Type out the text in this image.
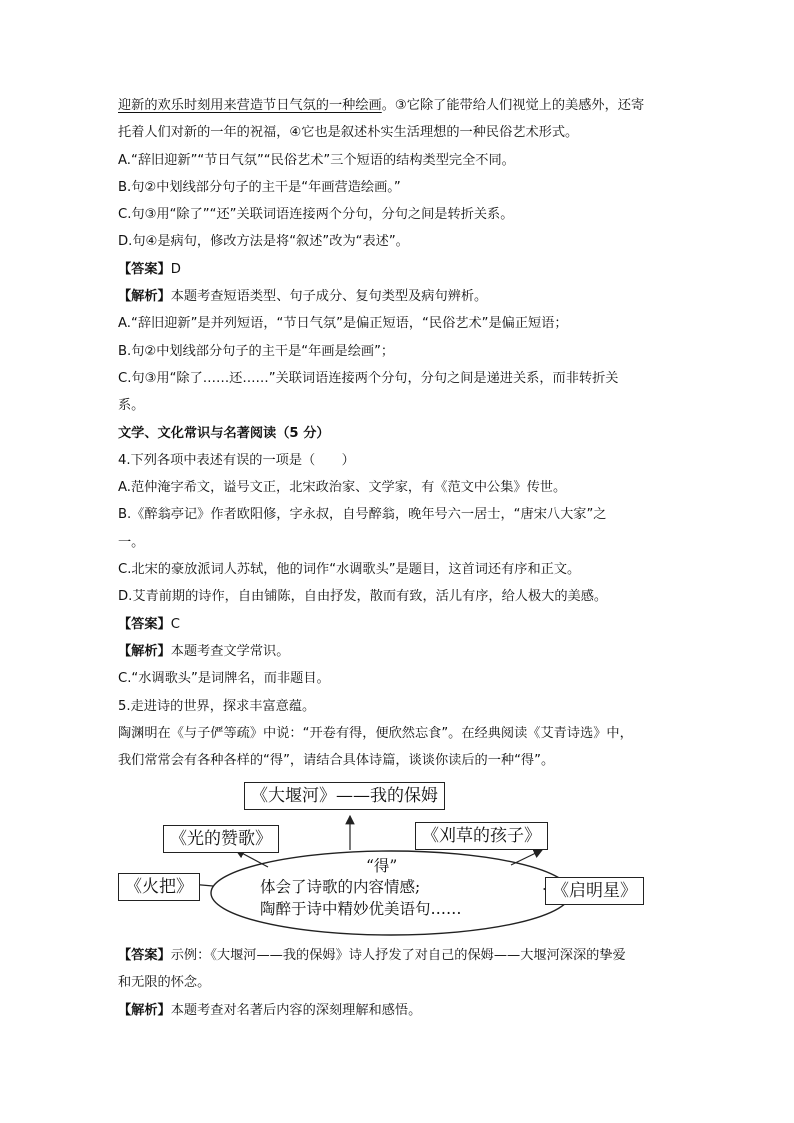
迎新的欢乐时刻用来营造节日气氛的一种绘画。③它除了能带给人们视觉上的美感外，还寄
托着人们对新的一年的祝福，④它也是叙述朴实生活理想的一种民俗艺术形式。
A.“辞旧迎新”“节日气氛”“民俗艺术”三个短语的结构类型完全不同。
B.句②中划线部分句子的主干是“年画营造绘画。”
C.句③用“除了”“还”关联词语连接两个分句，分句之间是转折关系。
D.句④是病句，修改方法是将“叙述”改为“表述”。
【答案】D
【解析】本题考查短语类型、句子成分、复句类型及病句辨析。
A.“辞旧迎新”是并列短语，“节日气氛”是偏正短语，“民俗艺术”是偏正短语；
B.句②中划线部分句子的主干是“年画是绘画”；
C.句③用“除了……还……”关联词语连接两个分句，分句之间是递进关系，而非转折关
系。
文学、文化常识与名著阅读（5 分）
4.下列各项中表述有误的一项是（　　）
A.范仲淹字希文，谥号文正，北宋政治家、文学家，有《范文中公集》传世。
B.《醉翁亭记》作者欧阳修，字永叔，自号醉翁，晚年号六一居士，“唐宋八大家”之
一。
C.北宋的豪放派词人苏轼，他的词作“水调歌头”是题目，这首词还有序和正文。
D.艾青前期的诗作，自由铺陈，自由抒发，散而有致，活儿有序，给人极大的美感。
【答案】C
【解析】本题考查文学常识。
C.“水调歌头”是词牌名，而非题目。
5.走进诗的世界，探求丰富意蕴。
陶渊明在《与子俨等疏》中说：“开卷有得，便欣然忘食”。在经典阅读《艾青诗选》中，
我们常常会有各种各样的“得”，请结合具体诗篇，谈谈你读后的一种“得”。
《大堰河》——我的保姆
《光的赞歌》	《刈草的孩子》
《火把》	《启明星》
“得”
体会了诗歌的内容情感;
陶醉于诗中精妙优美语句……
【答案】示例：《大堰河——我的保姆》诗人抒发了对自己的保姆——大堰河深深的挚爱
和无限的怀念。
【解析】本题考查对名著后内容的深刻理解和感悟。
